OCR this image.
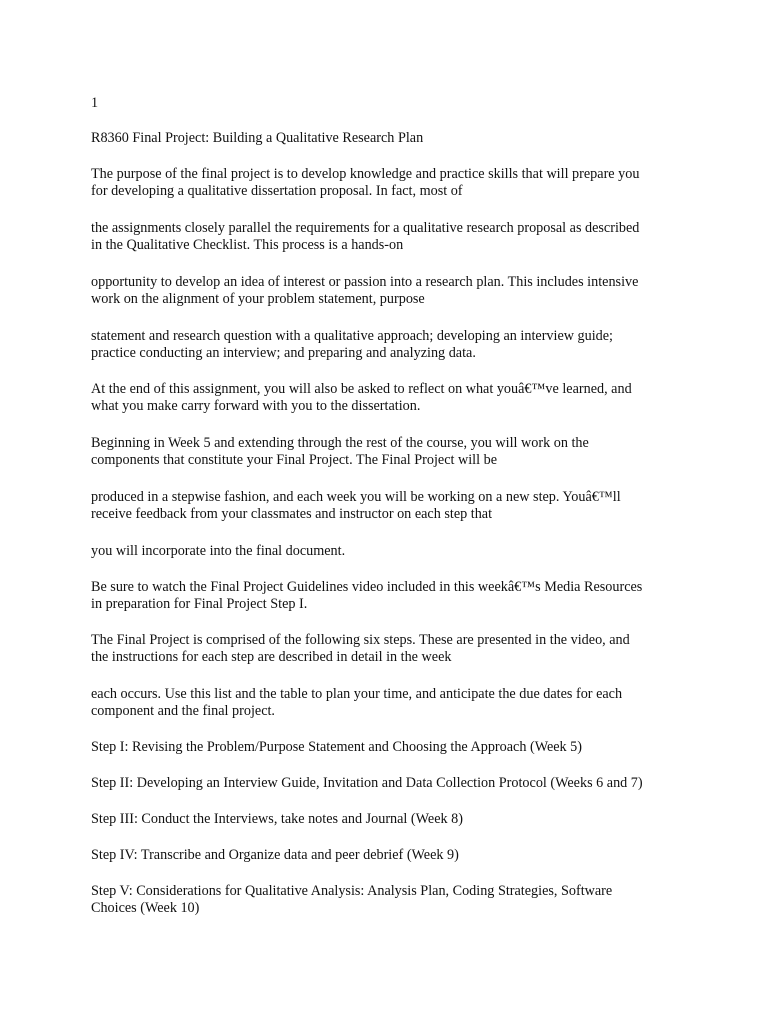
1

R8360 Final Project: Building a Qualitative Research Plan

The purpose of the final project is to develop knowledge and practice skills that will prepare you
for developing a qualitative dissertation proposal. In fact, most of

the assignments closely parallel the requirements for a qualitative research proposal as described
in the Qualitative Checklist. This process is a hands-on

opportunity to develop an idea of interest or passion into a research plan. This includes intensive
work on the alignment of your problem statement, purpose

statement and research question with a qualitative approach; developing an interview guide;
practice conducting an interview; and preparing and analyzing data.

At the end of this assignment, you will also be asked to reflect on what youâ€™ve learned, and
what you make carry forward with you to the dissertation.

Beginning in Week 5 and extending through the rest of the course, you will work on the
components that constitute your Final Project. The Final Project will be

produced in a stepwise fashion, and each week you will be working on a new step. Youâ€™ll
receive feedback from your classmates and instructor on each step that

you will incorporate into the final document.

Be sure to watch the Final Project Guidelines video included in this weekâ€™s Media Resources
in preparation for Final Project Step I.

The Final Project is comprised of the following six steps. These are presented in the video, and
the instructions for each step are described in detail in the week

each occurs. Use this list and the table to plan your time, and anticipate the due dates for each
component and the final project.

Step I: Revising the Problem/Purpose Statement and Choosing the Approach (Week 5)

Step II: Developing an Interview Guide, Invitation and Data Collection Protocol (Weeks 6 and 7)

Step III: Conduct the Interviews, take notes and Journal (Week 8)

Step IV: Transcribe and Organize data and peer debrief (Week 9)

Step V: Considerations for Qualitative Analysis: Analysis Plan, Coding Strategies, Software
Choices (Week 10)
